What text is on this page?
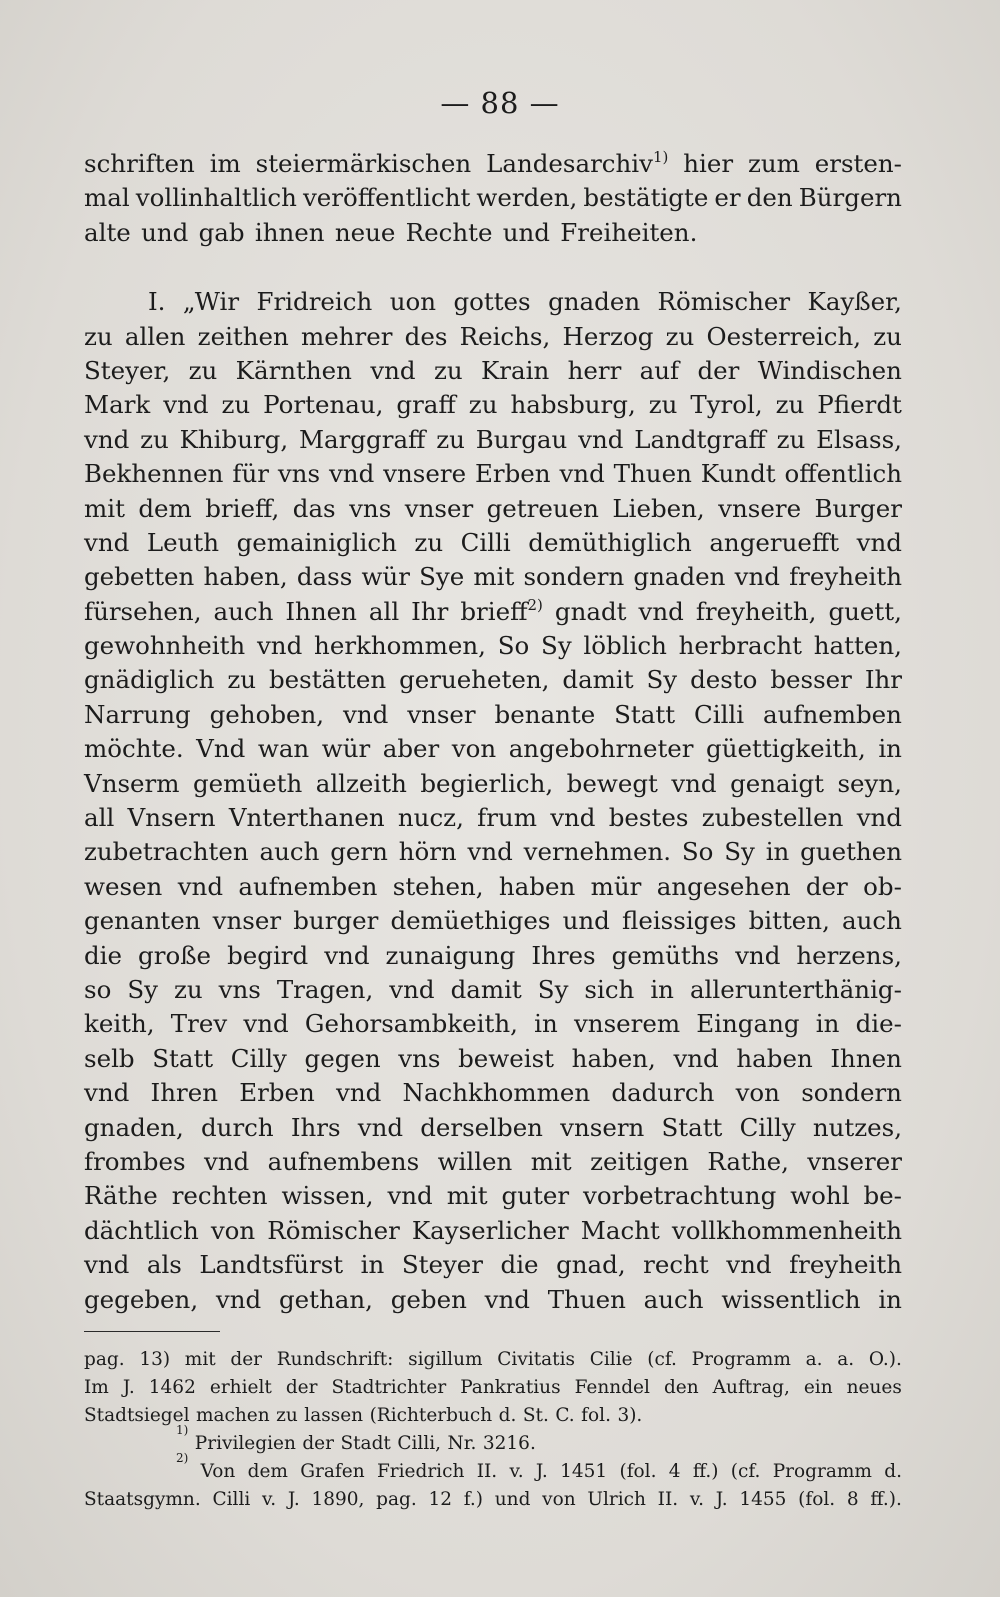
— 88 —
schriften im steiermärkischen Landesarchiv$^{1)}$ hier zum ersten-
mal vollinhaltlich veröffentlicht werden, bestätigte er den Bürgern
alte und gab ihnen neue Rechte und Freiheiten.
I. „Wir Fridreich uon gottes gnaden Römischer Kayßer,
zu allen zeithen mehrer des Reichs, Herzog zu Oesterreich, zu
Steyer, zu Kärnthen vnd zu Krain herr auf der Windischen
Mark vnd zu Portenau, graff zu habsburg, zu Tyrol, zu Pfierdt
vnd zu Khiburg, Marggraff zu Burgau vnd Landtgraff zu Elsass,
Bekhennen für vns vnd vnsere Erben vnd Thuen Kundt offentlich
mit dem brieff, das vns vnser getreuen Lieben, vnsere Burger
vnd Leuth gemainiglich zu Cilli demüthiglich angeruefft vnd
gebetten haben, dass wür Sye mit sondern gnaden vnd freyheith
fürsehen, auch Ihnen all Ihr brieff$^{2)}$ gnadt vnd freyheith, guett,
gewohnheith vnd herkhommen, So Sy löblich herbracht hatten,
gnädiglich zu bestätten gerueheten, damit Sy desto besser Ihr
Narrung gehoben, vnd vnser benante Statt Cilli aufnemben
möchte. Vnd wan wür aber von angebohrneter güettigkeith, in
Vnserm gemüeth allzeith begierlich, bewegt vnd genaigt seyn,
all Vnsern Vnterthanen nucz, frum vnd bestes zubestellen vnd
zubetrachten auch gern hörn vnd vernehmen. So Sy in guethen
wesen vnd aufnemben stehen, haben mür angesehen der ob-
genanten vnser burger demüethiges und fleissiges bitten, auch
die große begird vnd zunaigung Ihres gemüths vnd herzens,
so Sy zu vns Tragen, vnd damit Sy sich in allerunterthänig-
keith, Trev vnd Gehorsambkeith, in vnserem Eingang in die-
selb Statt Cilly gegen vns beweist haben, vnd haben Ihnen
vnd Ihren Erben vnd Nachkhommen dadurch von sondern
gnaden, durch Ihrs vnd derselben vnsern Statt Cilly nutzes,
frombes vnd aufnembens willen mit zeitigen Rathe, vnserer
Räthe rechten wissen, vnd mit guter vorbetrachtung wohl be-
dächtlich von Römischer Kayserlicher Macht vollkhommenheith
vnd als Landtsfürst in Steyer die gnad, recht vnd freyheith
gegeben, vnd gethan, geben vnd Thuen auch wissentlich in
pag. 13) mit der Rundschrift: sigillum Civitatis Cilie (cf. Programm a. a. O.).
Im J. 1462 erhielt der Stadtrichter Pankratius Fenndel den Auftrag, ein neues
Stadtsiegel machen zu lassen (Richterbuch d. St. C. fol. 3).
1)
Privilegien der Stadt Cilli, Nr. 3216.
2)
Von dem Grafen Friedrich II. v. J. 1451 (fol. 4 ff.) (cf. Programm d.
Staatsgymn. Cilli v. J. 1890, pag. 12 f.) und von Ulrich II. v. J. 1455 (fol. 8 ff.).
